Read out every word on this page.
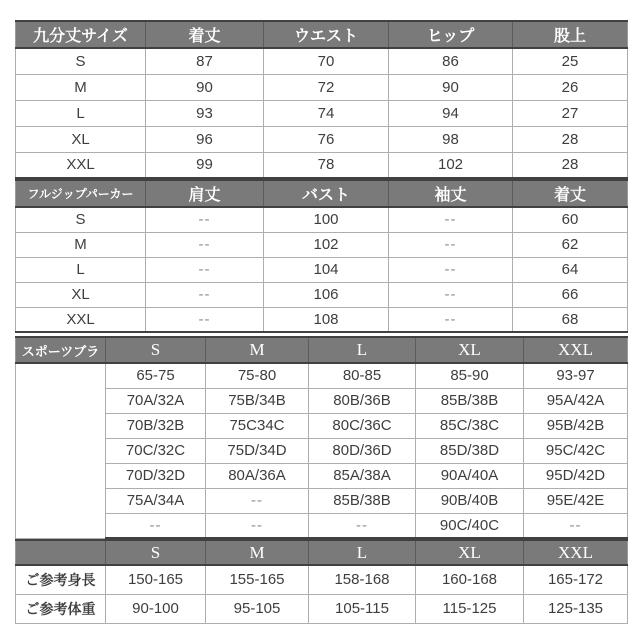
九分丈サイズ	着丈	ウエスト	ヒップ	股上
S	87	70	86	25
M	90	72	90	26
L	93	74	94	27
XL	96	76	98	28
XXL	99	78	102	28
フルジップパーカー	肩丈	バスト	袖丈	着丈
S	--	100	--	60
M	--	102	--	62
L	--	104	--	64
XL	--	106	--	66
XXL	--	108	--	68
スポーツブラ	S	M	L	XL	XXL
	65-75	75-80	80-85	85-90	93-97
	70A/32A	75B/34B	80B/36B	85B/38B	95A/42A
	70B/32B	75C34C	80C/36C	85C/38C	95B/42B
	70C/32C	75D/34D	80D/36D	85D/38D	95C/42C
	70D/32D	80A/36A	85A/38A	90A/40A	95D/42D
	75A/34A	--	85B/38B	90B/40B	95E/42E
	--	--	--	90C/40C	--
	S	M	L	XL	XXL
ご参考身長	150-165	155-165	158-168	160-168	165-172
ご参考体重	90-100	95-105	105-115	115-125	125-135
